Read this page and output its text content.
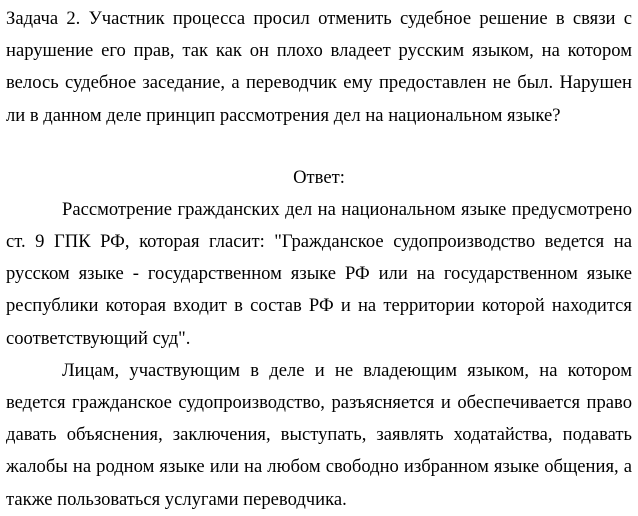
Задача 2. Участник процесса просил отменить судебное решение в связи с нарушение его прав, так как он плохо владеет русским языком, на котором велось судебное заседание, а переводчик ему предоставлен не был. Нарушен ли в данном деле принцип рассмотрения дел на национальном языке?

Ответ:

Рассмотрение гражданских дел на национальном языке предусмотрено ст. 9 ГПК РФ, которая гласит: "Гражданское судопроизводство ведется на русском языке - государственном языке РФ или на государственном языке республики которая входит в состав РФ и на территории которой находится соответствующий суд".

Лицам, участвующим в деле и не владеющим языком, на котором ведется гражданское судопроизводство, разъясняется и обеспечивается право давать объяснения, заключения, выступать, заявлять ходатайства, подавать жалобы на родном языке или на любом свободно избранном языке общения, а также пользоваться услугами переводчика.
